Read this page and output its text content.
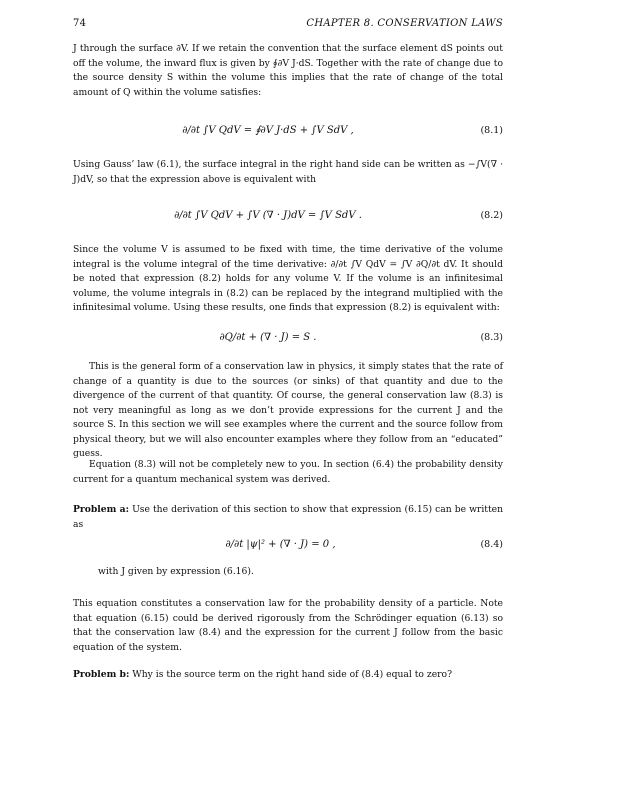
74	CHAPTER 8. CONSERVATION LAWS
J through the surface ∂V. If we retain the convention that the surface element dS points out off the volume, the inward flux is given by ∮∂V J·dS. Together with the rate of change due to the source density S within the volume this implies that the rate of change of the total amount of Q within the volume satisfies:
∂/∂t ∫V QdV = ∮∂V J·dS + ∫V SdV ,	(8.1)
Using Gauss’ law (6.1), the surface integral in the right hand side can be written as −∫V(∇ · J)dV, so that the expression above is equivalent with
∂/∂t ∫V QdV + ∫V (∇ · J)dV = ∫V SdV .	(8.2)
Since the volume V is assumed to be fixed with time, the time derivative of the volume integral is the volume integral of the time derivative: ∂/∂t ∫V QdV = ∫V ∂Q/∂t dV. It should be noted that expression (8.2) holds for any volume V. If the volume is an infinitesimal volume, the volume integrals in (8.2) can be replaced by the integrand multiplied with the infinitesimal volume. Using these results, one finds that expression (8.2) is equivalent with:
∂Q/∂t + (∇ · J) = S .	(8.3)
This is the general form of a conservation law in physics, it simply states that the rate of change of a quantity is due to the sources (or sinks) of that quantity and due to the divergence of the current of that quantity. Of course, the general conservation law (8.3) is not very meaningful as long as we don’t provide expressions for the current J and the source S. In this section we will see examples where the current and the source follow from physical theory, but we will also encounter examples where they follow from an “educated” guess.
Equation (8.3) will not be completely new to you. In section (6.4) the probability density current for a quantum mechanical system was derived.
Problem a: Use the derivation of this section to show that expression (6.15) can be written as
∂/∂t |ψ|² + (∇ · J) = 0 ,	(8.4)
with J given by expression (6.16).
This equation constitutes a conservation law for the probability density of a particle. Note that equation (6.15) could be derived rigorously from the Schrödinger equation (6.13) so that the conservation law (8.4) and the expression for the current J follow from the basic equation of the system.
Problem b: Why is the source term on the right hand side of (8.4) equal to zero?
